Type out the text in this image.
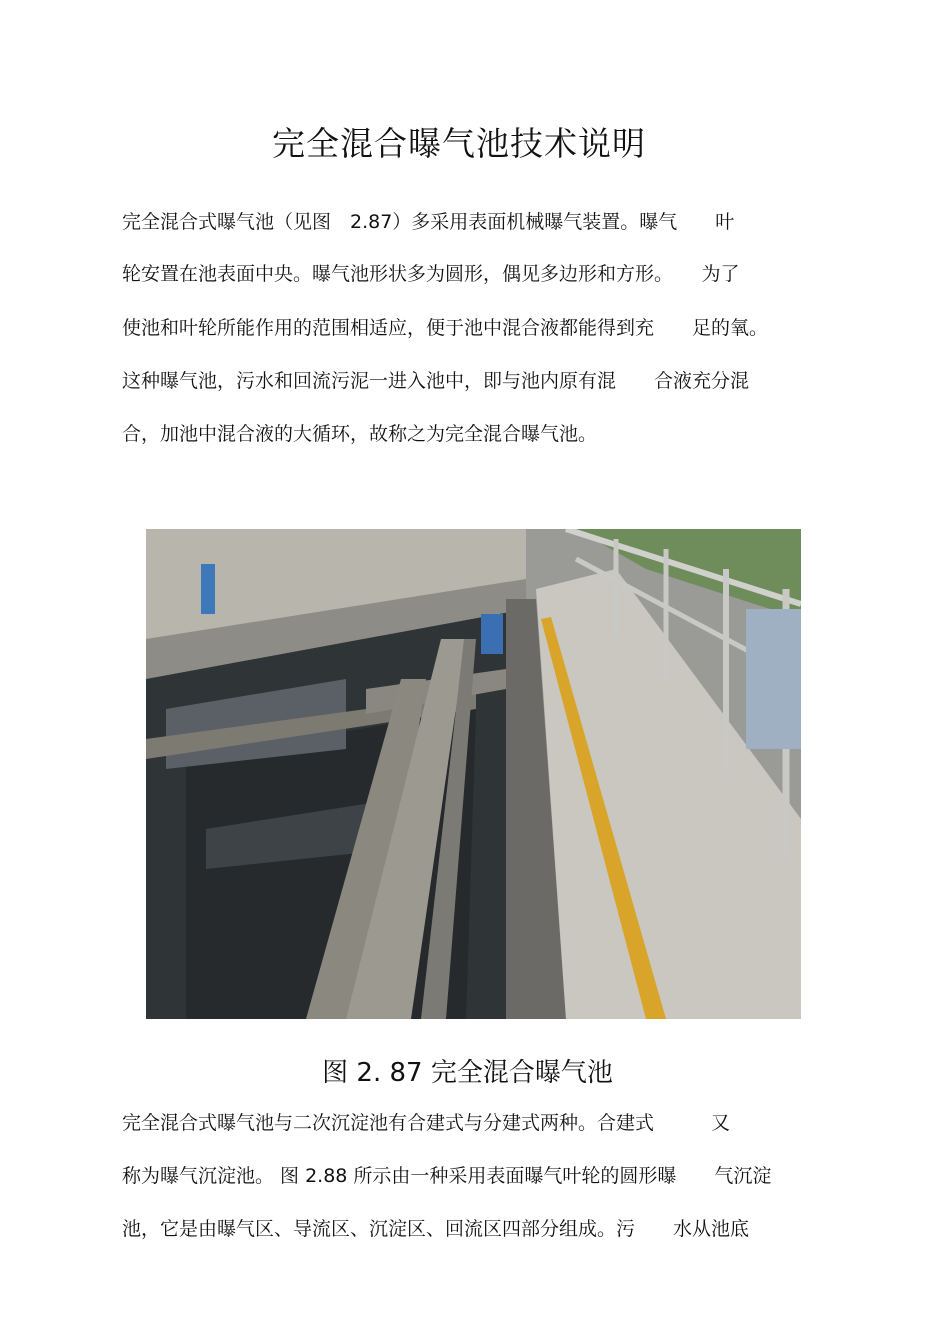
完全混合曝气池技术说明
完全混合式曝气池（见图　2.87）多采用表面机械曝气装置。曝气　　叶
轮安置在池表面中央。曝气池形状多为圆形，偶见多边形和方形。　　为了
使池和叶轮所能作用的范围相适应，便于池中混合液都能得到充　　足的氧。
这种曝气池，污水和回流污泥一进入池中，即与池内原有混　　合液充分混
合，加池中混合液的大循环，故称之为完全混合曝气池。
图 2. 87 完全混合曝气池
完全混合式曝气池与二次沉淀池有合建式与分建式两种。合建式　　　又
称为曝气沉淀池。 图 2.88 所示由一种采用表面曝气叶轮的圆形曝　　气沉淀
池，它是由曝气区、导流区、沉淀区、回流区四部分组成。污　　水从池底
